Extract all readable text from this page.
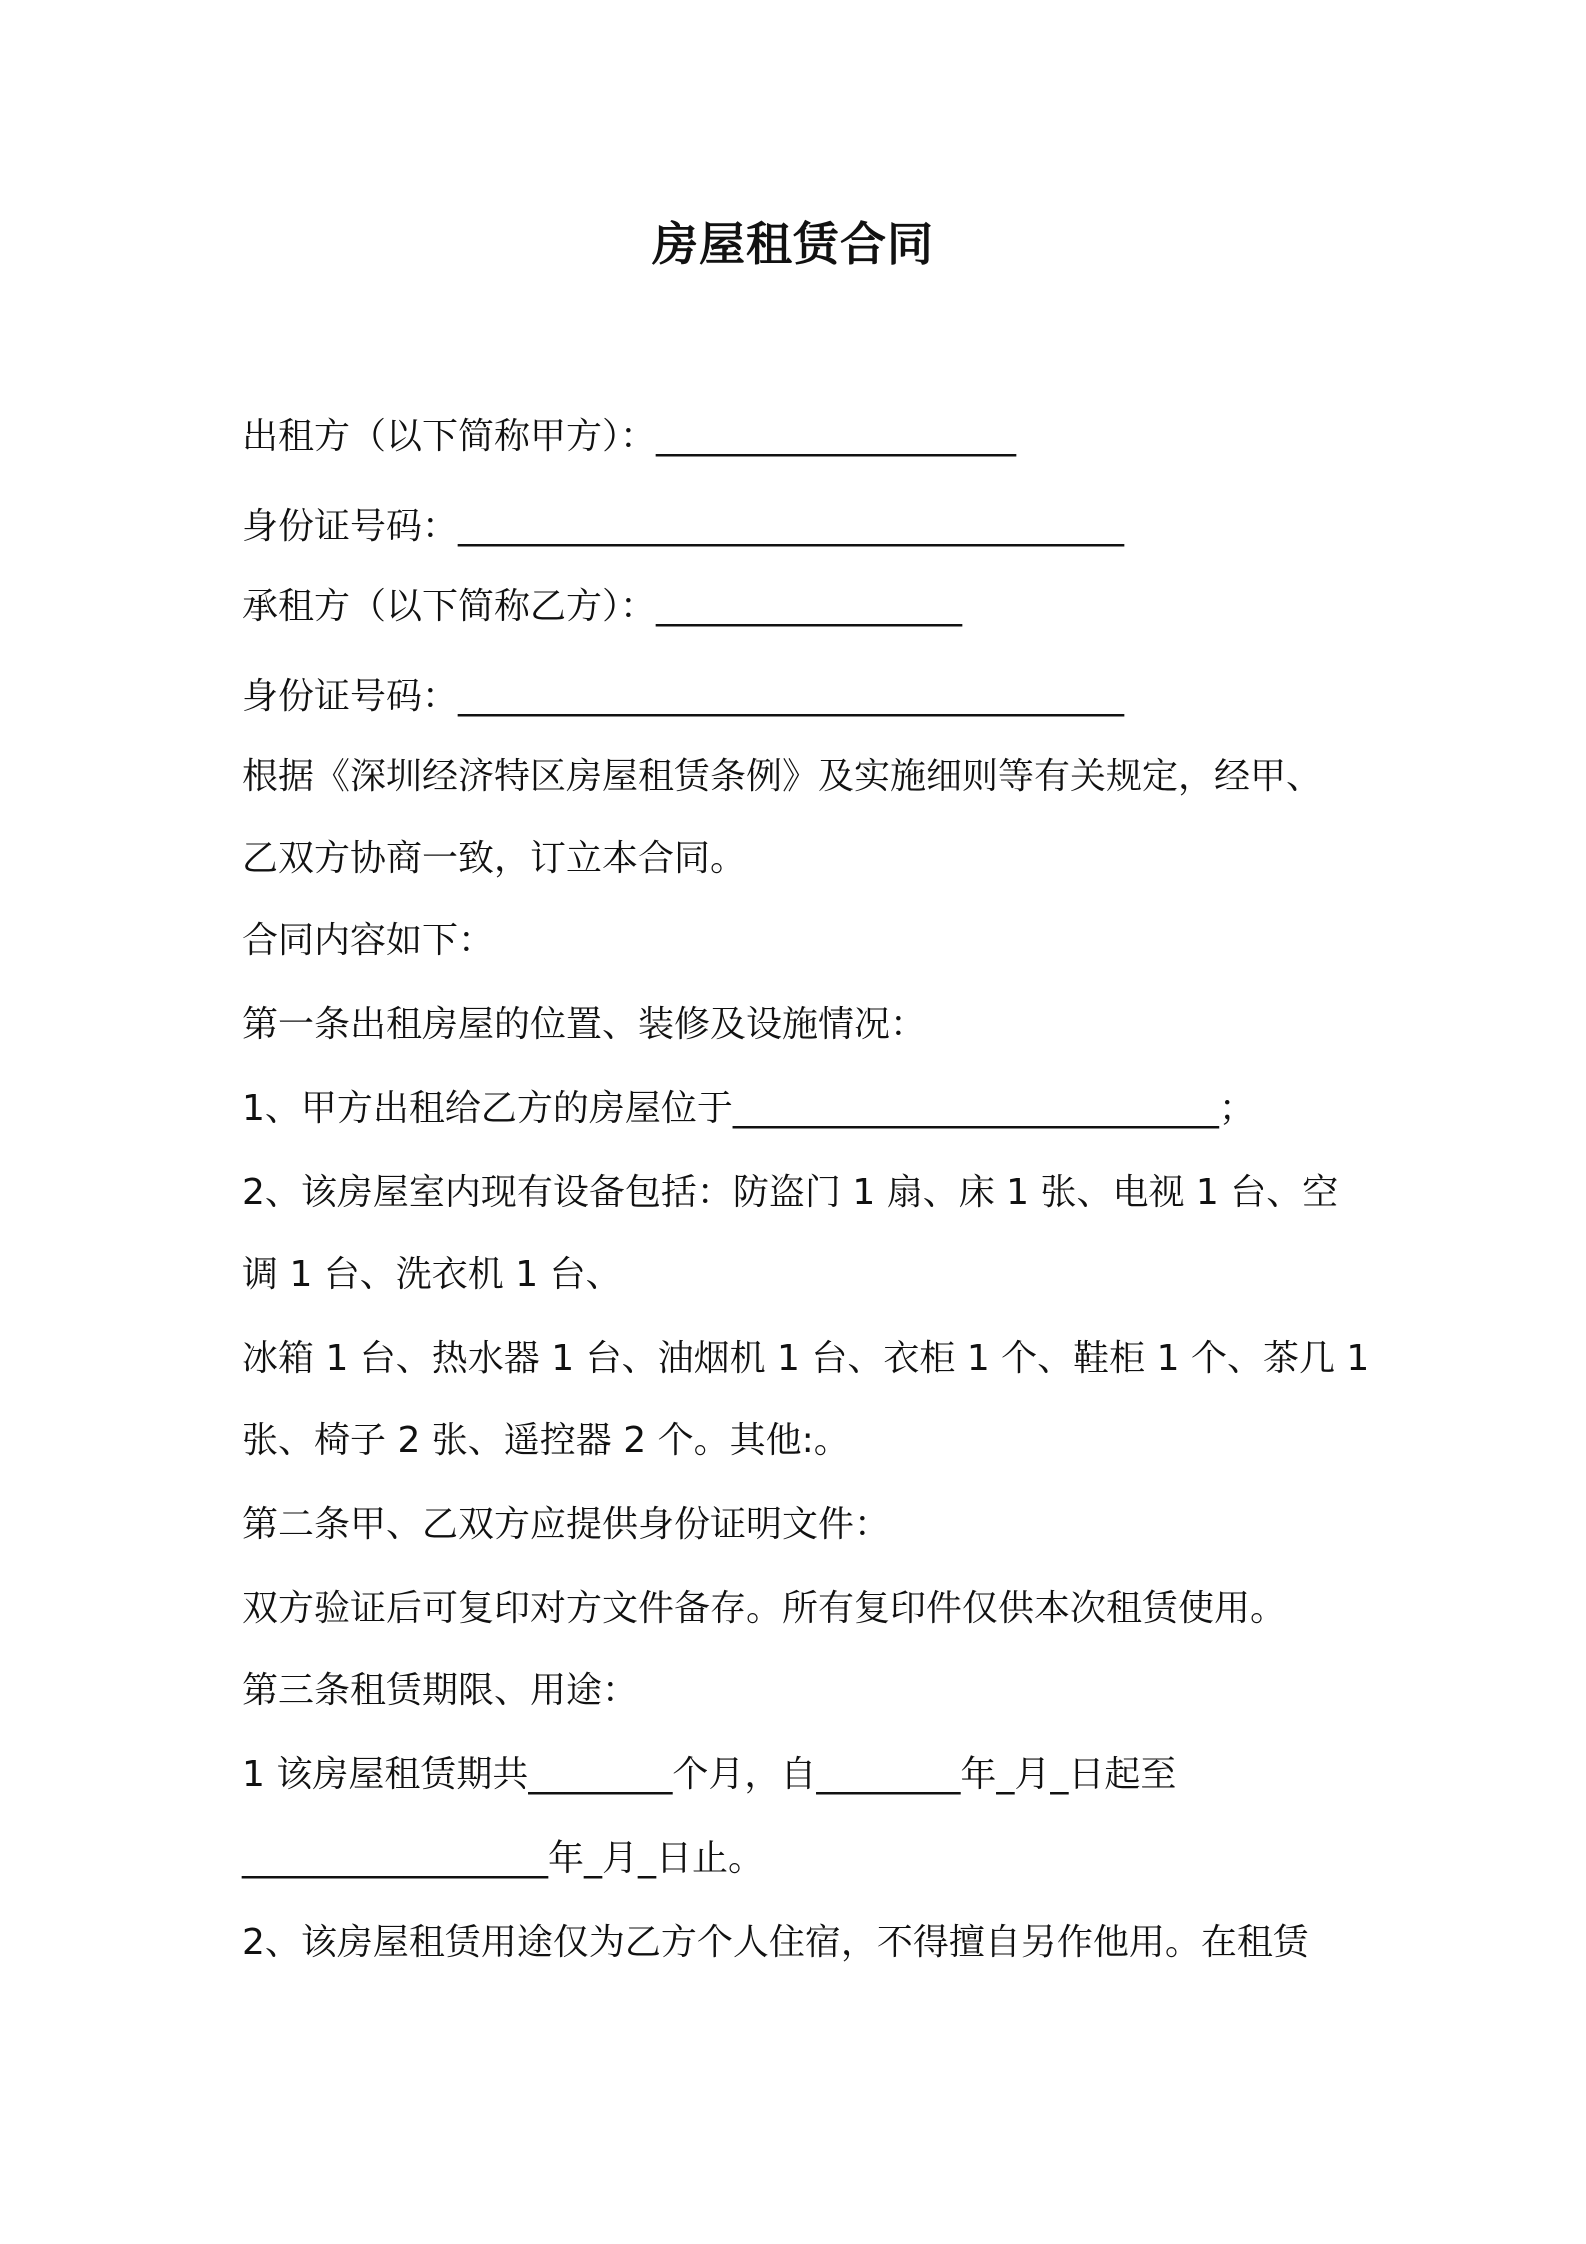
房屋租赁合同
出租方（以下简称甲方）：____________________
身份证号码：_____________________________________
承租方（以下简称乙方）：_________________
身份证号码：_____________________________________
根据《深圳经济特区房屋租赁条例》及实施细则等有关规定，经甲、
乙双方协商一致，订立本合同。
合同内容如下：
第一条出租房屋的位置、装修及设施情况：
1、甲方出租给乙方的房屋位于___________________________；
2、该房屋室内现有设备包括：防盗门 1 扇、床 1 张、电视 1 台、空
调 1 台、洗衣机 1 台、
冰箱 1 台、热水器 1 台、油烟机 1 台、衣柜 1 个、鞋柜 1 个、茶几 1
张、椅子 2 张、遥控器 2 个。其他:。
第二条甲、乙双方应提供身份证明文件：
双方验证后可复印对方文件备存。所有复印件仅供本次租赁使用。
第三条租赁期限、用途：
1 该房屋租赁期共________个月，自________年_月_日起至
_________________年_月_日止。
2、该房屋租赁用途仅为乙方个人住宿，不得擅自另作他用。在租赁
